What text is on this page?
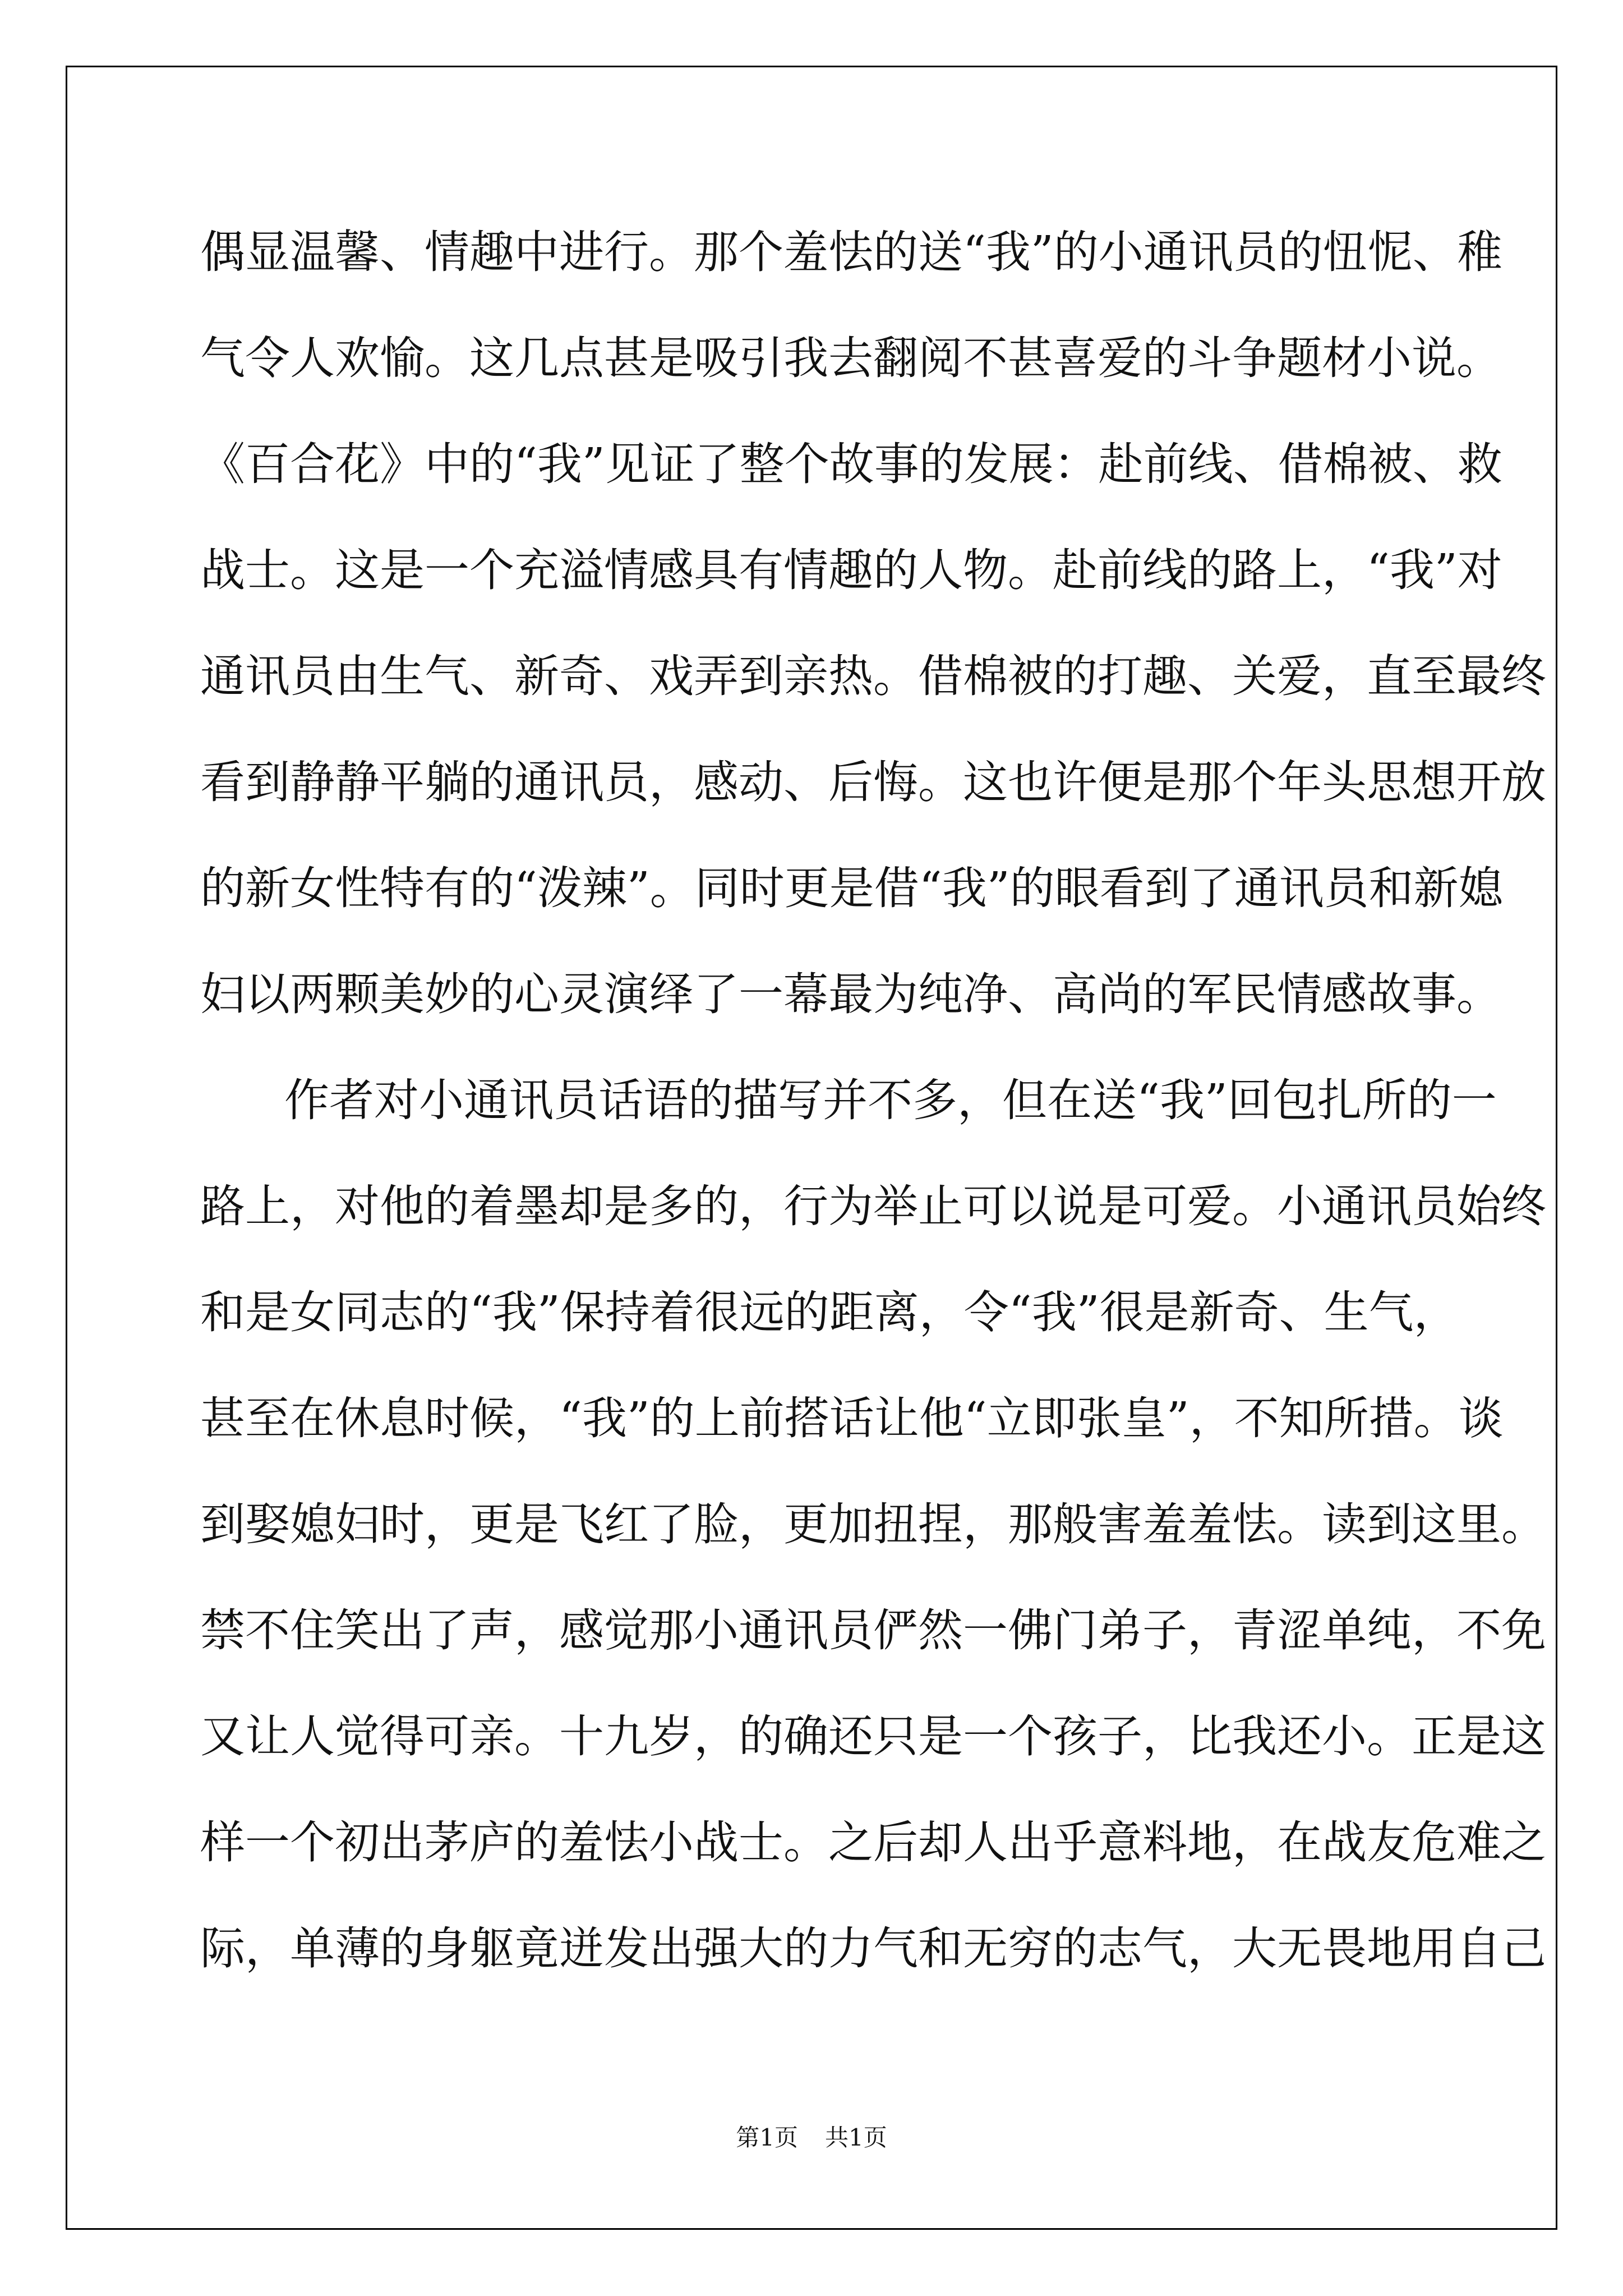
偶显温馨、情趣中进行。那个羞怯的送“我”的小通讯员的忸怩、稚
气令人欢愉。这几点甚是吸引我去翻阅不甚喜爱的斗争题材小说。
《百合花》中的“我”见证了整个故事的发展：赴前线、借棉被、救
战士。这是一个充溢情感具有情趣的人物。赴前线的路上，“我”对
通讯员由生气、新奇、戏弄到亲热。借棉被的打趣、关爱，直至最终
看到静静平躺的通讯员，感动、后悔。这也许便是那个年头思想开放
的新女性特有的“泼辣”。同时更是借“我”的眼看到了通讯员和新媳
妇以两颗美妙的心灵演绎了一幕最为纯净、高尚的军民情感故事。
作者对小通讯员话语的描写并不多，但在送“我”回包扎所的一
路上，对他的着墨却是多的，行为举止可以说是可爱。小通讯员始终
和是女同志的“我”保持着很远的距离，令“我”很是新奇、生气，
甚至在休息时候，“我”的上前搭话让他“立即张皇”，不知所措。谈
到娶媳妇时，更是飞红了脸，更加扭捏，那般害羞羞怯。读到这里。
禁不住笑出了声，感觉那小通讯员俨然一佛门弟子，青涩单纯，不免
又让人觉得可亲。十九岁，的确还只是一个孩子，比我还小。正是这
样一个初出茅庐的羞怯小战士。之后却人出乎意料地，在战友危难之
际，单薄的身躯竟迸发出强大的力气和无穷的志气，大无畏地用自己
第1页 共1页
